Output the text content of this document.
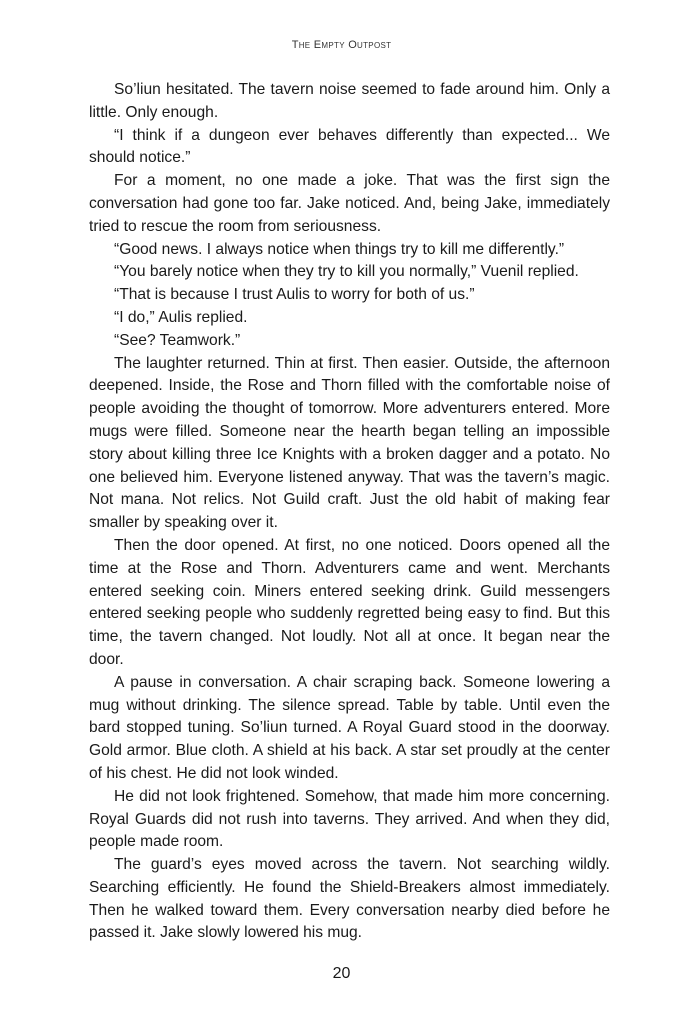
The Empty Outpost

So’liun hesitated. The tavern noise seemed to fade around him. Only a little. Only enough.

“I think if a dungeon ever behaves differently than expected... We should notice.”

For a moment, no one made a joke. That was the first sign the conversation had gone too far. Jake noticed. And, being Jake, immediately tried to rescue the room from seriousness.

“Good news. I always notice when things try to kill me differently.”

“You barely notice when they try to kill you normally,” Vuenil replied.

“That is because I trust Aulis to worry for both of us.”

“I do,” Aulis replied.

“See? Teamwork.”

The laughter returned. Thin at first. Then easier. Outside, the afternoon deepened. Inside, the Rose and Thorn filled with the comfortable noise of people avoiding the thought of tomorrow. More adventurers entered. More mugs were filled. Someone near the hearth began telling an impossible story about killing three Ice Knights with a broken dagger and a potato. No one believed him. Everyone listened anyway. That was the tavern’s magic. Not mana. Not relics. Not Guild craft. Just the old habit of making fear smaller by speaking over it.

Then the door opened. At first, no one noticed. Doors opened all the time at the Rose and Thorn. Adventurers came and went. Merchants entered seeking coin. Miners entered seeking drink. Guild messengers entered seeking people who suddenly regretted being easy to find. But this time, the tavern changed. Not loudly. Not all at once. It began near the door.

A pause in conversation. A chair scraping back. Someone lowering a mug without drinking. The silence spread. Table by table. Until even the bard stopped tuning. So’liun turned. A Royal Guard stood in the doorway. Gold armor. Blue cloth. A shield at his back. A star set proudly at the center of his chest. He did not look winded.

He did not look frightened. Somehow, that made him more concerning. Royal Guards did not rush into taverns. They arrived. And when they did, people made room.

The guard’s eyes moved across the tavern. Not searching wildly. Searching efficiently. He found the Shield-Breakers almost immediately. Then he walked toward them. Every conversation nearby died before he passed it. Jake slowly lowered his mug.

20
